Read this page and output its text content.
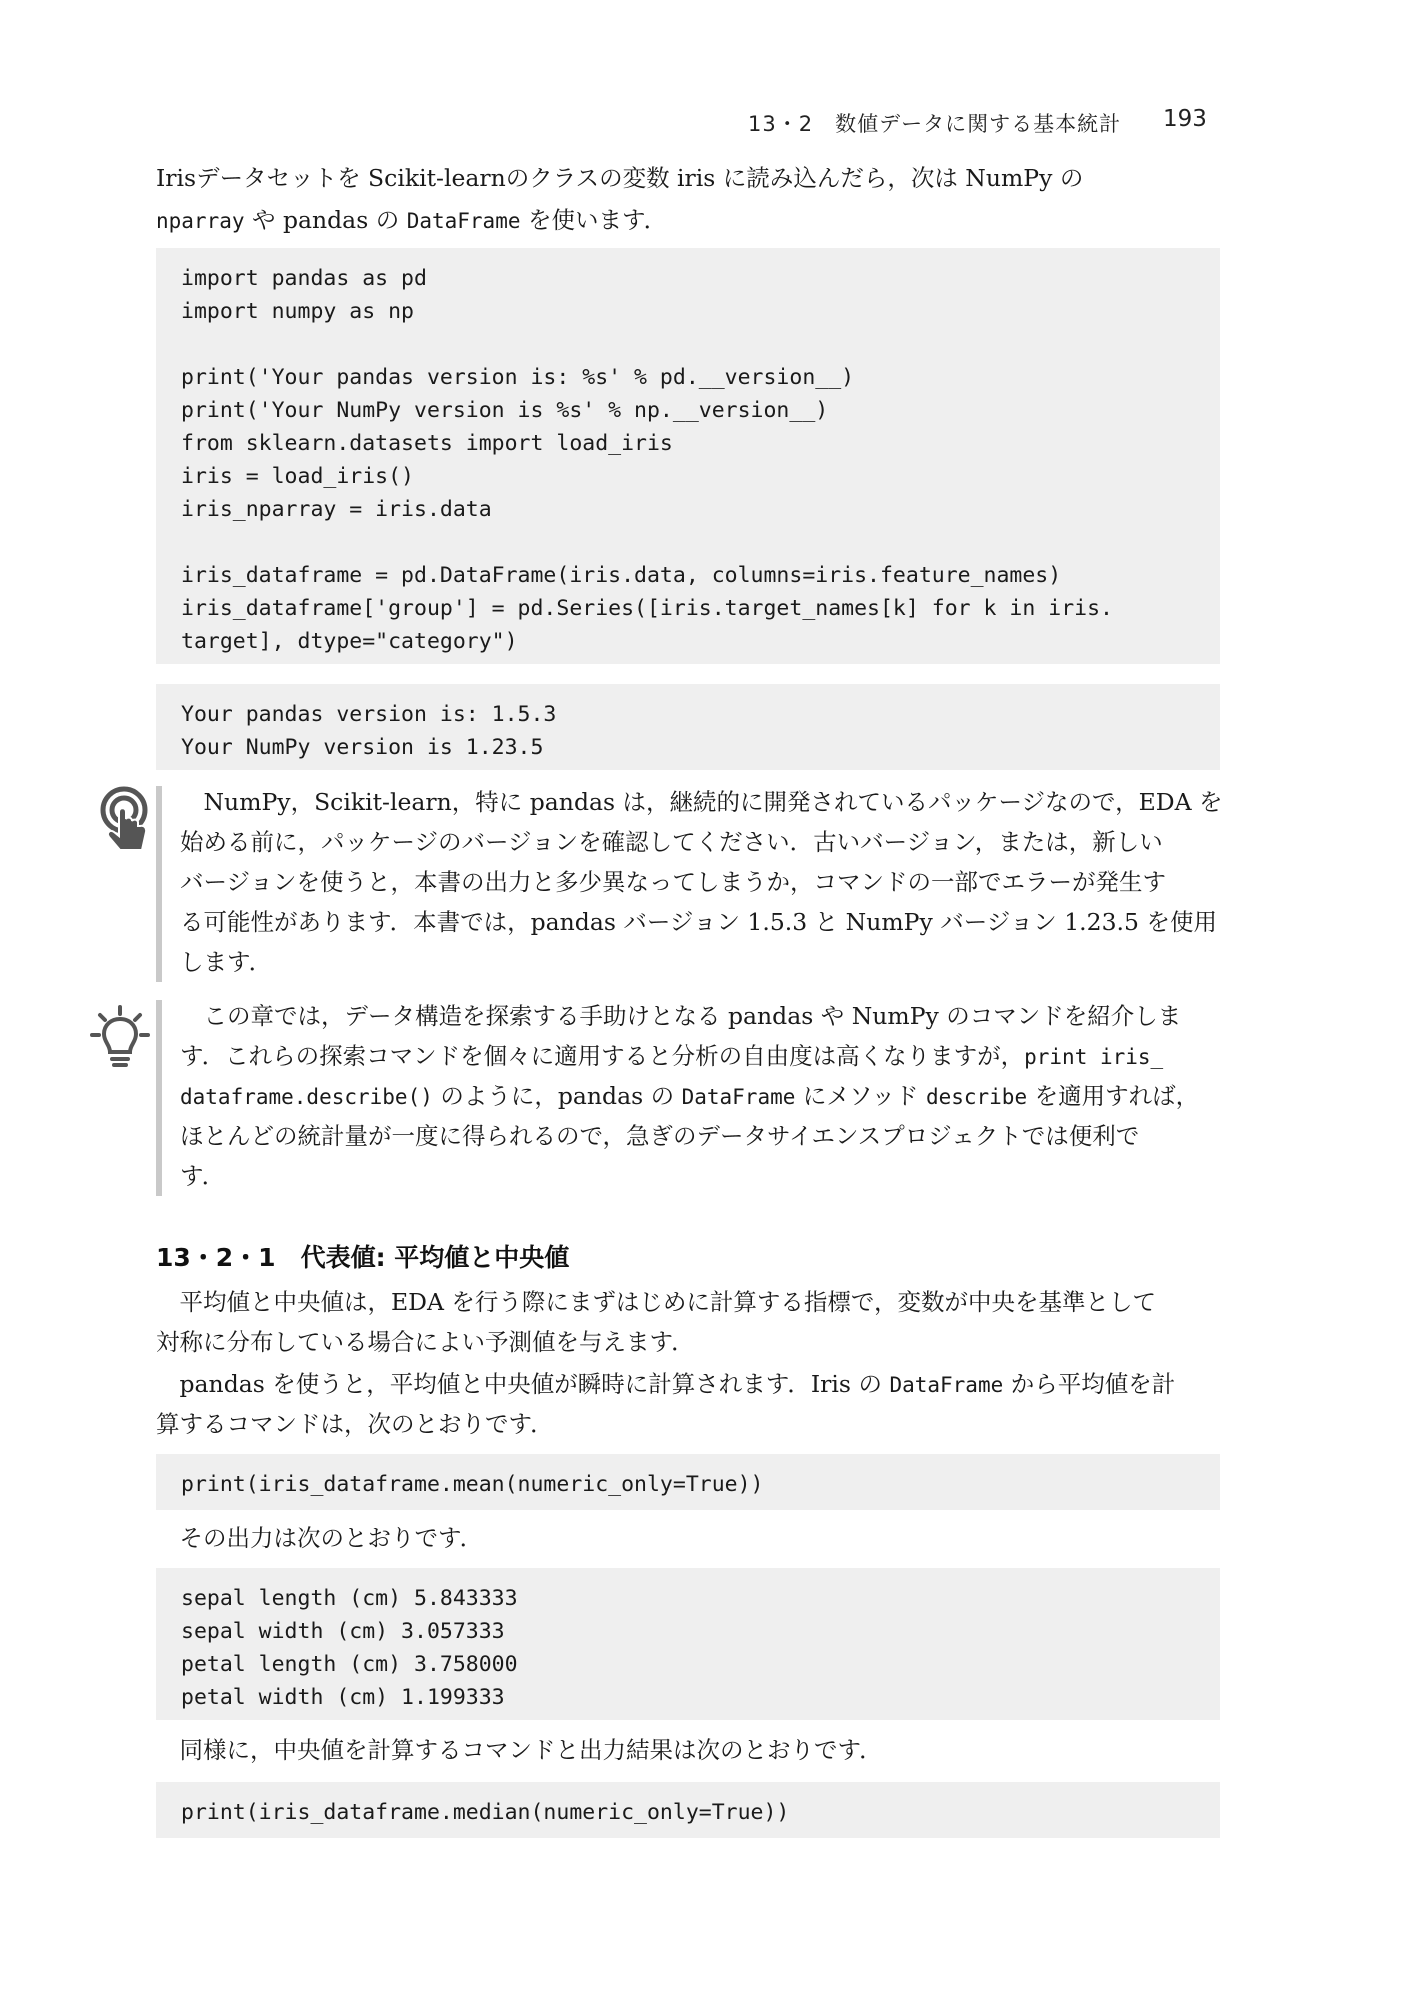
13・2　数値データに関する基本統計 193
Irisデータセットを Scikit-learnのクラスの変数 iris に読み込んだら，次は NumPy の
nparray や pandas の DataFrame を使います．
import pandas as pd
import numpy as np
print('Your pandas version is: %s' % pd.__version__)
print('Your NumPy version is %s' % np.__version__)
from sklearn.datasets import load_iris
iris = load_iris()
iris_nparray = iris.data
iris_dataframe = pd.DataFrame(iris.data, columns=iris.feature_names)
iris_dataframe['group'] = pd.Series([iris.target_names[k] for k in iris.
target], dtype="category")
Your pandas version is: 1.5.3
Your NumPy version is 1.23.5
　NumPy，Scikit-learn，特に pandas は，継続的に開発されているパッケージなので，EDA を
始める前に，パッケージのバージョンを確認してください．古いバージョン，または，新しい
バージョンを使うと，本書の出力と多少異なってしまうか，コマンドの一部でエラーが発生す
る可能性があります．本書では，pandas バージョン 1.5.3 と NumPy バージョン 1.23.5 を使用
します．
　この章では，データ構造を探索する手助けとなる pandas や NumPy のコマンドを紹介しま
す．これらの探索コマンドを個々に適用すると分析の自由度は高くなりますが，print iris_
dataframe.describe() のように，pandas の DataFrame にメソッド describe を適用すれば，
ほとんどの統計量が一度に得られるので，急ぎのデータサイエンスプロジェクトでは便利で
す．
13・2・1　代表値: 平均値と中央値
　平均値と中央値は，EDA を行う際にまずはじめに計算する指標で，変数が中央を基準として
対称に分布している場合によい予測値を与えます．
　pandas を使うと，平均値と中央値が瞬時に計算されます．Iris の DataFrame から平均値を計
算するコマンドは，次のとおりです．
print(iris_dataframe.mean(numeric_only=True))
　その出力は次のとおりです．
sepal length (cm) 5.843333
sepal width (cm) 3.057333
petal length (cm) 3.758000
petal width (cm) 1.199333
　同様に，中央値を計算するコマンドと出力結果は次のとおりです．
print(iris_dataframe.median(numeric_only=True))
